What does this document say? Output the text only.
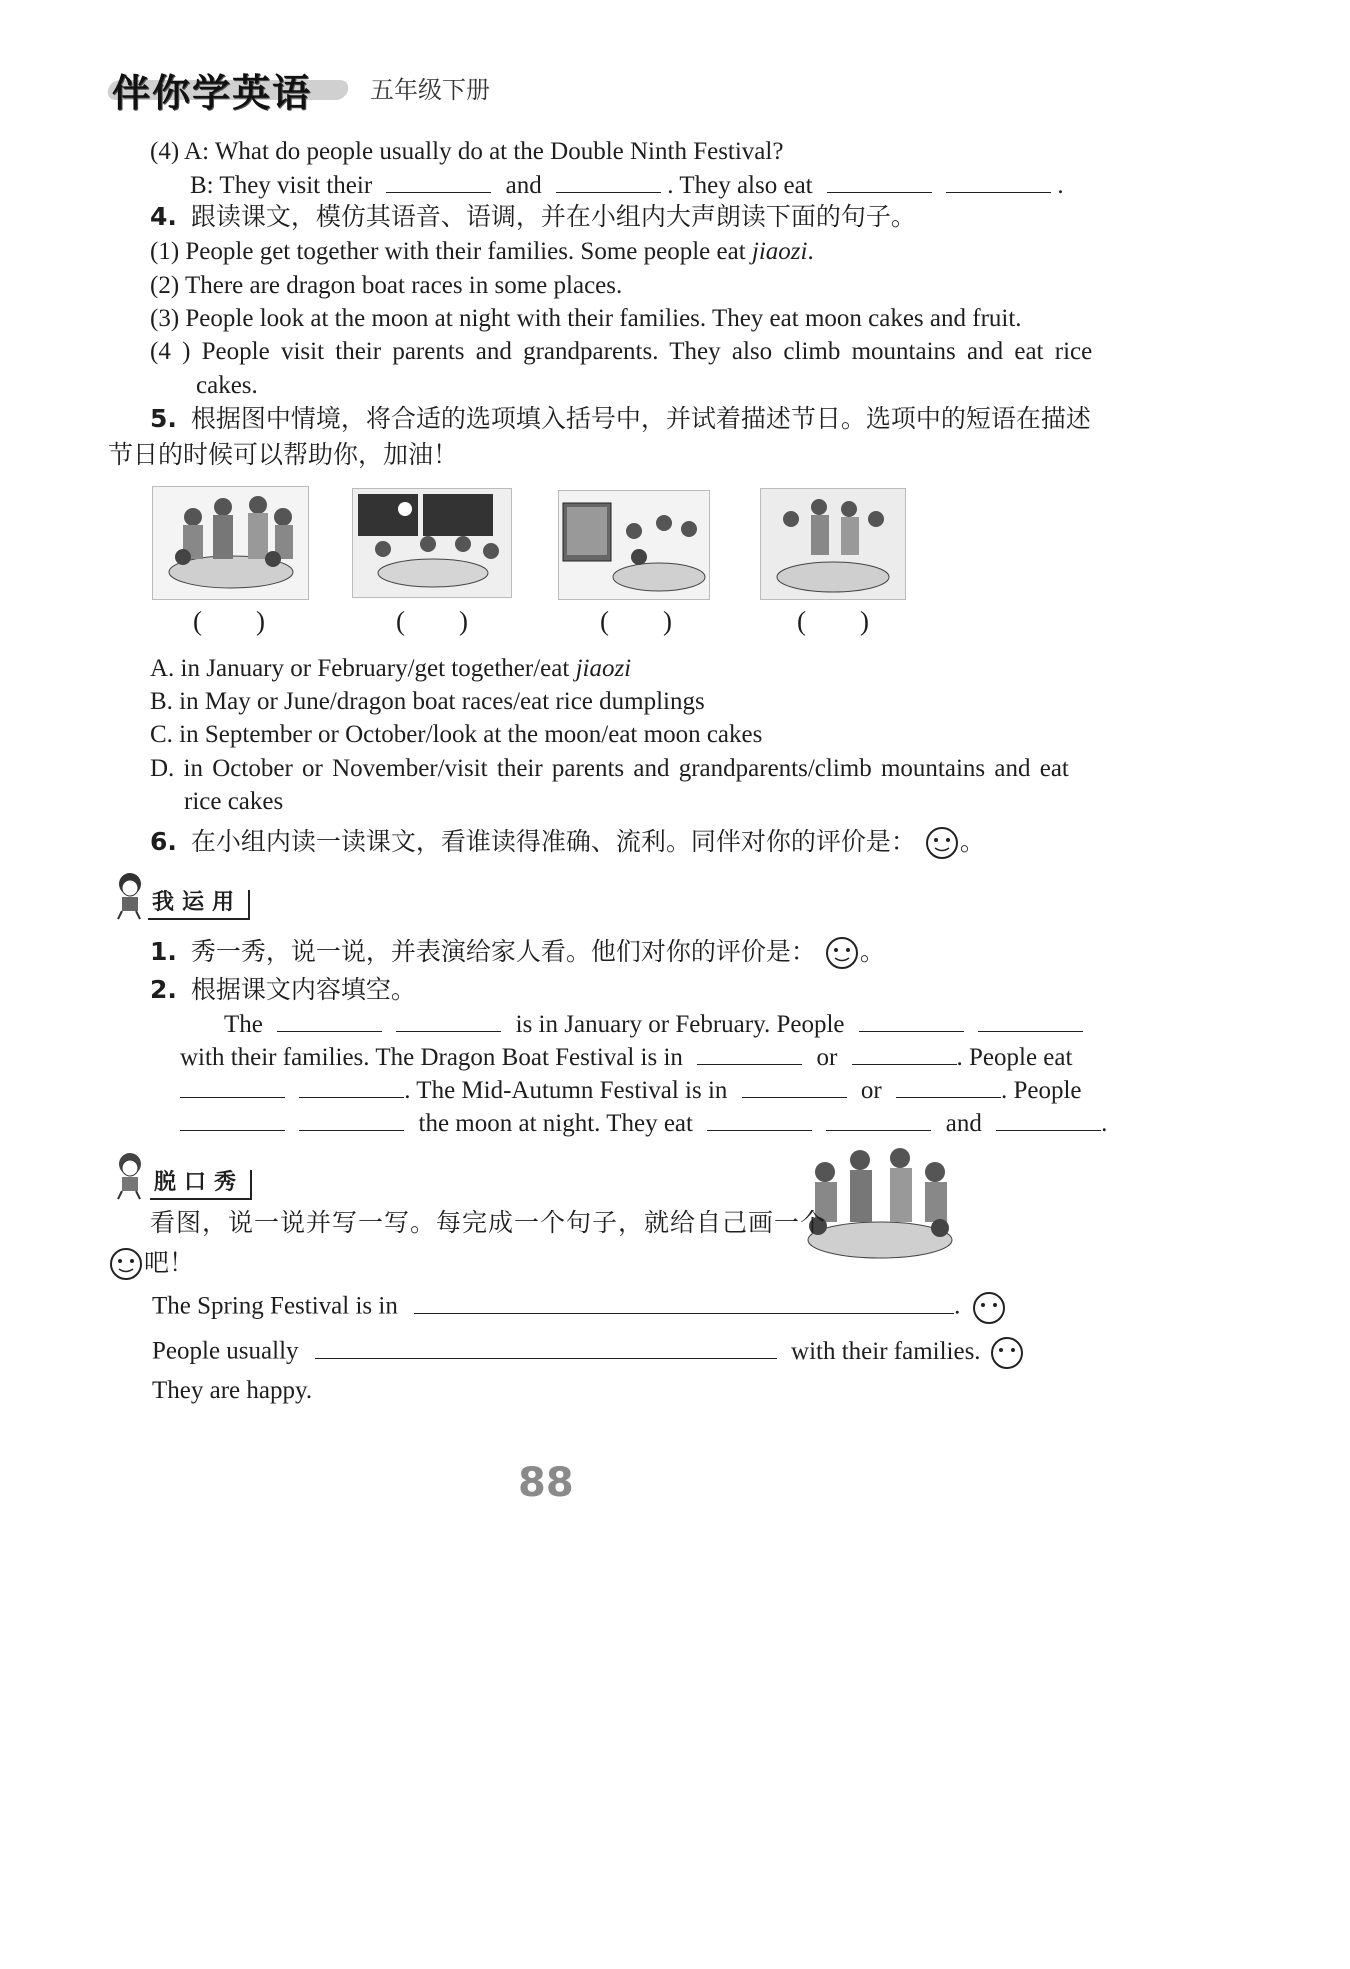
伴你学英语 五年级下册
(4) A: What do people usually do at the Double Ninth Festival?
B: They visit their	and	. They also eat	.
4. 跟读课文，模仿其语音、语调，并在小组内大声朗读下面的句子。
(1) People get together with their families. Some people eat jiaozi.
(2) There are dragon boat races in some places.
(3) People look at the moon at night with their families. They eat moon cakes and fruit.
(4 ) People visit their parents and grandparents. They also climb mountains and eat rice
cakes.
5. 根据图中情境，将合适的选项填入括号中，并试着描述节日。选项中的短语在描述
节日的时候可以帮助你，加油！
(        )	(        )	(        )	(        )
A. in January or February/get together/eat jiaozi
B. in May or June/dragon boat races/eat rice dumplings
C. in September or October/look at the moon/eat moon cakes
D. in October or November/visit their parents and grandparents/climb mountains and eat
rice cakes
6. 在小组内读一读课文，看谁读得准确、流利。同伴对你的评价是： 。
我运用
1. 秀一秀，说一说，并表演给家人看。他们对你的评价是： 。
2. 根据课文内容填空。
The	is in January or February. People
with their families. The Dragon Boat Festival is in	or	. People eat
. The Mid-Autumn Festival is in	or	. People
the moon at night. They eat	and	.
脱口秀
看图，说一说并写一写。每完成一个句子，就给自己画一个
吧！
The Spring Festival is in	.
People usually	with their families.
They are happy.
88
